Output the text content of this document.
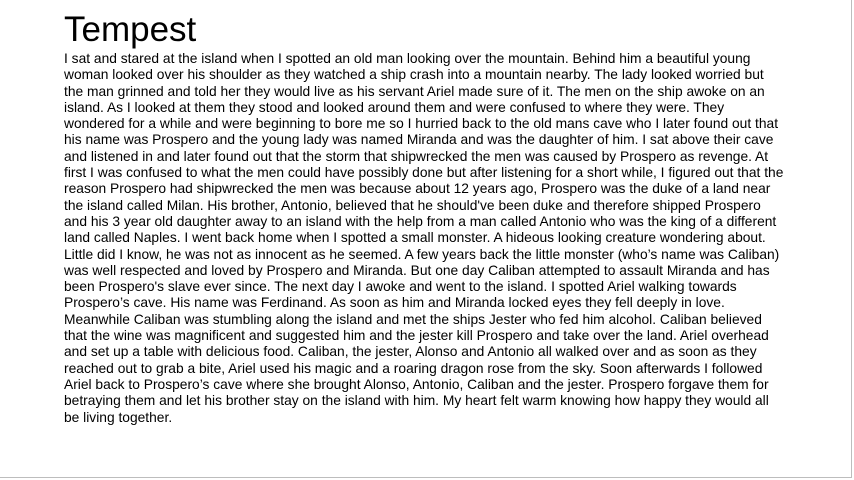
Tempest

I sat and stared at the island when I spotted an old man looking over the mountain. Behind him a beautiful young woman looked over his shoulder as they watched a ship crash into a mountain nearby. The lady looked worried but the man grinned and told her they would live as his servant Ariel made sure of it. The men on the ship awoke on an island. As I looked at them they stood and looked around them and were confused to where they were. They wondered for a while and were beginning to bore me so I hurried back to the old mans cave who I later found out that his name was Prospero and the young lady was named Miranda and was the daughter of him. I sat above their cave and listened in and later found out that the storm that shipwrecked the men was caused by Prospero as revenge. At first I was confused to what the men could have possibly done but after listening for a short while, I figured out that the reason Prospero had shipwrecked the men was because about 12 years ago, Prospero was the duke of a land near the island called Milan. His brother, Antonio, believed that he should've been duke and therefore shipped Prospero and his 3 year old daughter away to an island with the help from a man called Antonio who was the king of a different land called Naples. I went back home when I spotted a small monster. A hideous looking creature wondering about. Little did I know, he was not as innocent as he seemed. A few years back the little monster (who’s name was Caliban) was well respected and loved by Prospero and Miranda. But one day Caliban attempted to assault Miranda and has been Prospero's slave ever since. The next day I awoke and went to the island. I spotted Ariel walking towards Prospero’s cave. His name was Ferdinand. As soon as him and Miranda locked eyes they fell deeply in love. Meanwhile Caliban was stumbling along the island and met the ships Jester who fed him alcohol. Caliban believed that the wine was magnificent and suggested him and the jester kill Prospero and take over the land. Ariel overhead and set up a table with delicious food. Caliban, the jester, Alonso and Antonio all walked over and as soon as they reached out to grab a bite, Ariel used his magic and a roaring dragon rose from the sky. Soon afterwards I followed Ariel back to Prospero’s cave where she brought Alonso, Antonio, Caliban and the jester. Prospero forgave them for betraying them and let his brother stay on the island with him. My heart felt warm knowing how happy they would all be living together.
